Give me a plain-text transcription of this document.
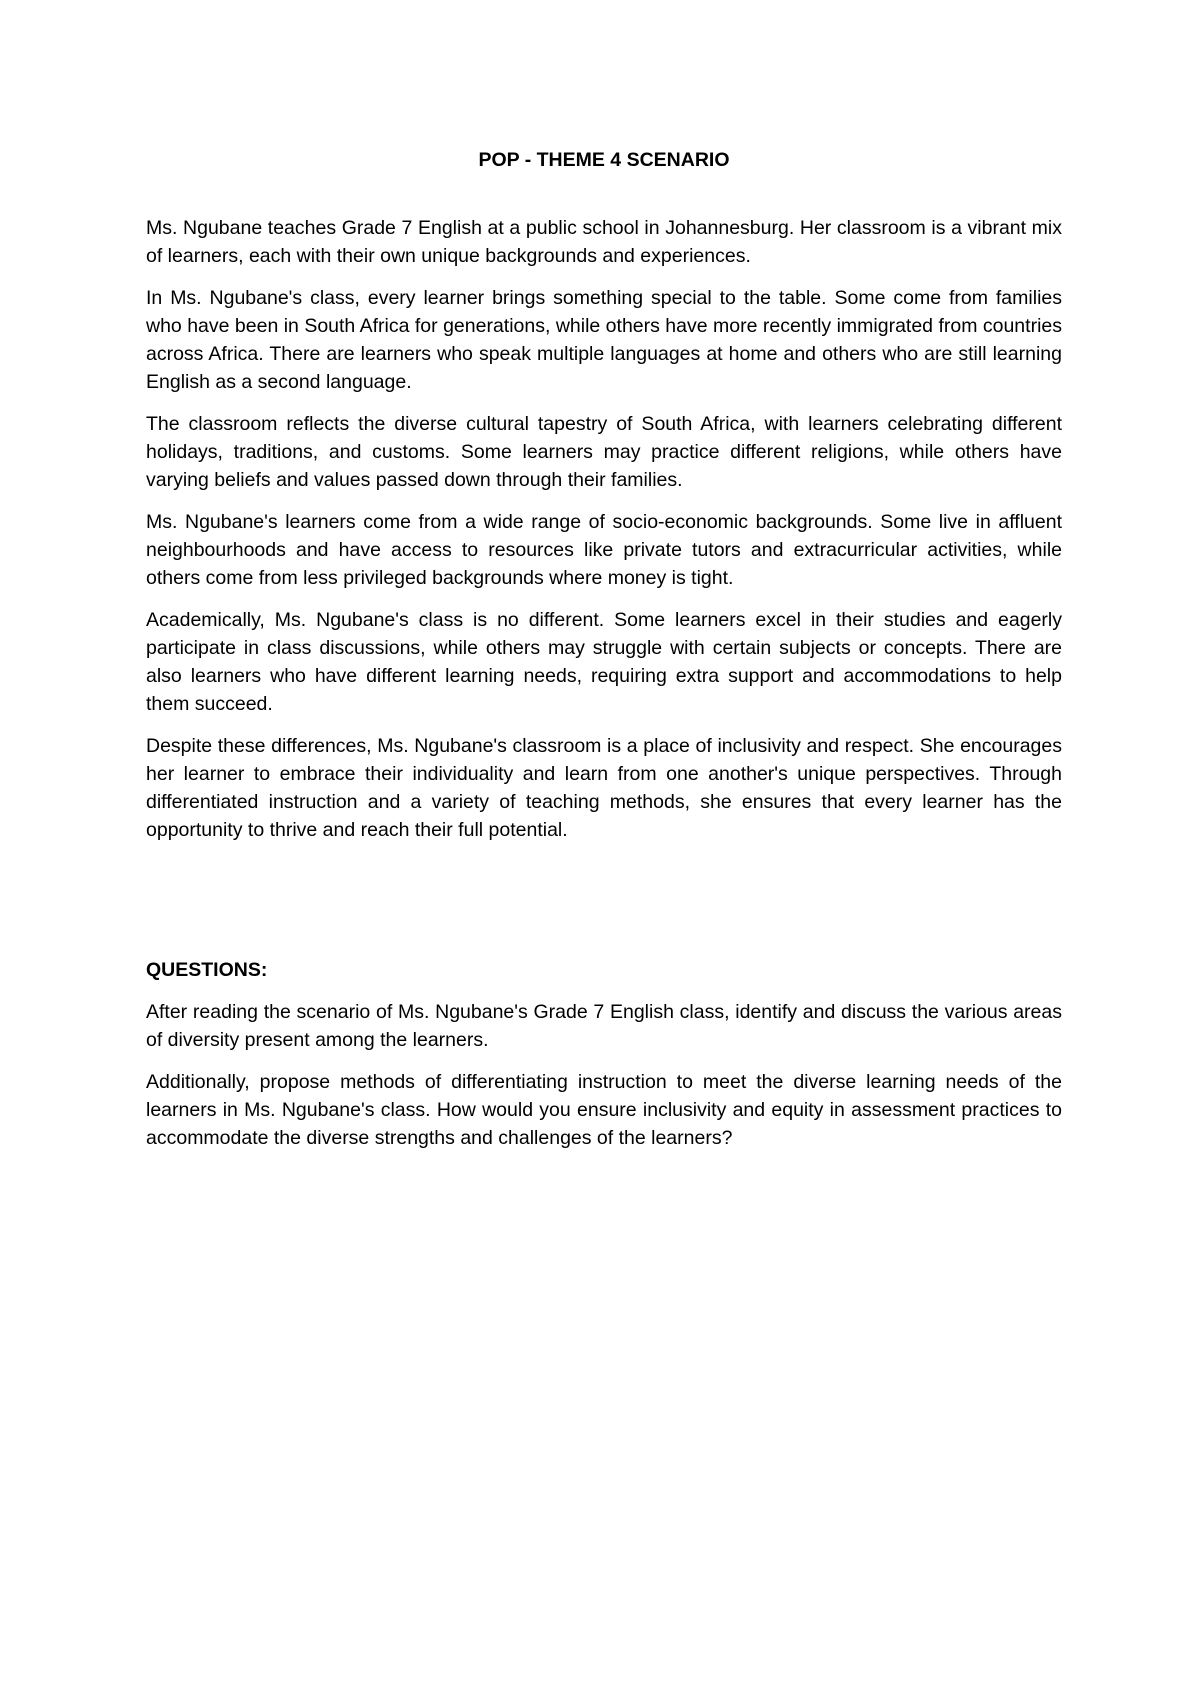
POP - THEME 4 SCENARIO

Ms. Ngubane teaches Grade 7 English at a public school in Johannesburg. Her classroom is a vibrant mix of learners, each with their own unique backgrounds and experiences.

In Ms. Ngubane's class, every learner brings something special to the table. Some come from families who have been in South Africa for generations, while others have more recently immigrated from countries across Africa. There are learners who speak multiple languages at home and others who are still learning English as a second language.

The classroom reflects the diverse cultural tapestry of South Africa, with learners celebrating different holidays, traditions, and customs. Some learners may practice different religions, while others have varying beliefs and values passed down through their families.

Ms. Ngubane's learners come from a wide range of socio-economic backgrounds. Some live in affluent neighbourhoods and have access to resources like private tutors and extracurricular activities, while others come from less privileged backgrounds where money is tight.

Academically, Ms. Ngubane's class is no different. Some learners excel in their studies and eagerly participate in class discussions, while others may struggle with certain subjects or concepts. There are also learners who have different learning needs, requiring extra support and accommodations to help them succeed.

Despite these differences, Ms. Ngubane's classroom is a place of inclusivity and respect. She encourages her learner to embrace their individuality and learn from one another's unique perspectives. Through differentiated instruction and a variety of teaching methods, she ensures that every learner has the opportunity to thrive and reach their full potential.

QUESTIONS:

After reading the scenario of Ms. Ngubane's Grade 7 English class, identify and discuss the various areas of diversity present among the learners.

Additionally, propose methods of differentiating instruction to meet the diverse learning needs of the learners in Ms. Ngubane's class. How would you ensure inclusivity and equity in assessment practices to accommodate the diverse strengths and challenges of the learners?
